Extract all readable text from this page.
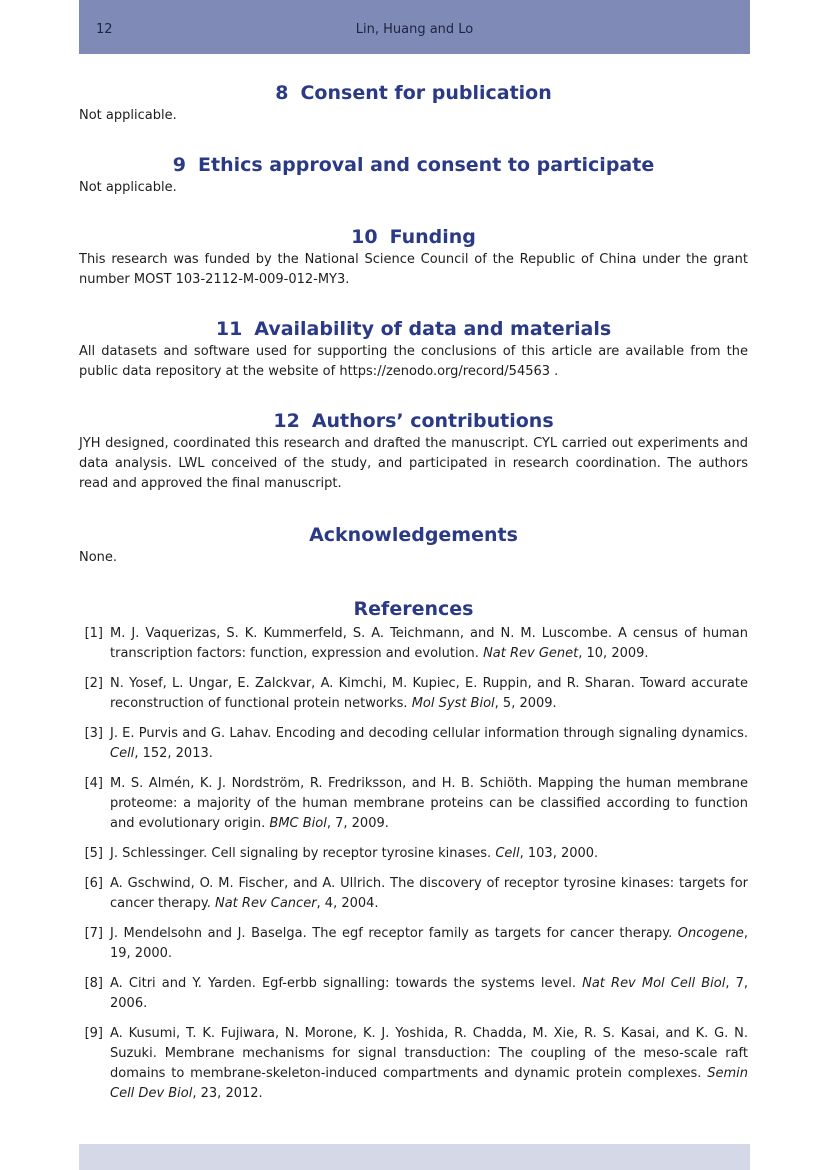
12	Lin, Huang and Lo
8 Consent for publication

Not applicable.

9 Ethics approval and consent to participate

Not applicable.

10 Funding

This research was funded by the National Science Council of the Republic of China under the grant number MOST 103-2112-M-009-012-MY3.

11 Availability of data and materials

All datasets and software used for supporting the conclusions of this article are available from the public data repository at the website of https://zenodo.org/record/54563 .

12 Authors’ contributions

JYH designed, coordinated this research and drafted the manuscript. CYL carried out experiments and data analysis. LWL conceived of the study, and participated in research coordination. The authors read and approved the final manuscript.

Acknowledgements

None.

References
[1] M. J. Vaquerizas, S. K. Kummerfeld, S. A. Teichmann, and N. M. Luscombe. A census of human transcription factors: function, expression and evolution. Nat Rev Genet, 10, 2009.
[2] N. Yosef, L. Ungar, E. Zalckvar, A. Kimchi, M. Kupiec, E. Ruppin, and R. Sharan. Toward accurate reconstruction of functional protein networks. Mol Syst Biol, 5, 2009.
[3] J. E. Purvis and G. Lahav. Encoding and decoding cellular information through signaling dynamics. Cell, 152, 2013.
[4] M. S. Almén, K. J. Nordström, R. Fredriksson, and H. B. Schiöth. Mapping the human membrane proteome: a majority of the human membrane proteins can be classified according to function and evolutionary origin. BMC Biol, 7, 2009.
[5] J. Schlessinger. Cell signaling by receptor tyrosine kinases. Cell, 103, 2000.
[6] A. Gschwind, O. M. Fischer, and A. Ullrich. The discovery of receptor tyrosine kinases: targets for cancer therapy. Nat Rev Cancer, 4, 2004.
[7] J. Mendelsohn and J. Baselga. The egf receptor family as targets for cancer therapy. Oncogene, 19, 2000.
[8] A. Citri and Y. Yarden. Egf-erbb signalling: towards the systems level. Nat Rev Mol Cell Biol, 7, 2006.
[9] A. Kusumi, T. K. Fujiwara, N. Morone, K. J. Yoshida, R. Chadda, M. Xie, R. S. Kasai, and K. G. N. Suzuki. Membrane mechanisms for signal transduction: The coupling of the meso-scale raft domains to membrane-skeleton-induced compartments and dynamic protein complexes. Semin Cell Dev Biol, 23, 2012.
